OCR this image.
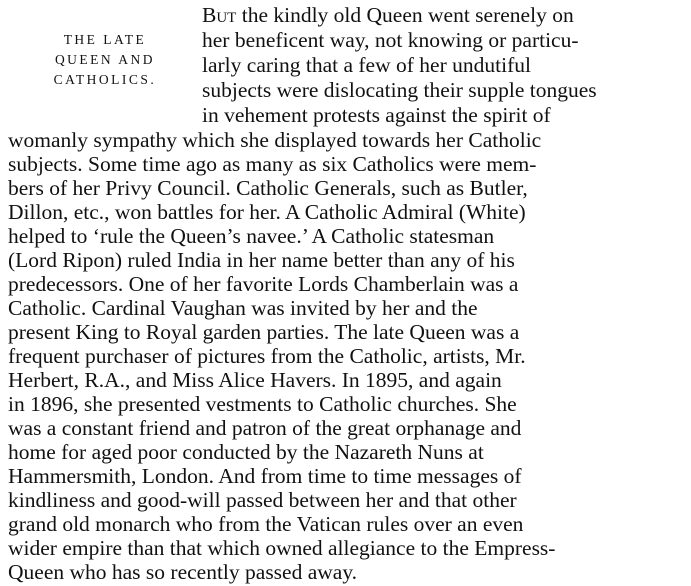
THE LATE
QUEEN AND
CATHOLICS.
But the kindly old Queen went serenely on
her beneficent way, not knowing or particu-
larly caring that a few of her undutiful
subjects were dislocating their supple tongues
in vehement protests against the spirit of
womanly sympathy which she displayed towards her Catholic
subjects. Some time ago as many as six Catholics were mem-
bers of her Privy Council. Catholic Generals, such as Butler,
Dillon, etc., won battles for her. A Catholic Admiral (White)
helped to ‘rule the Queen’s navee.’ A Catholic statesman
(Lord Ripon) ruled India in her name better than any of his
predecessors. One of her favorite Lords Chamberlain was a
Catholic. Cardinal Vaughan was invited by her and the
present King to Royal garden parties. The late Queen was a
frequent purchaser of pictures from the Catholic, artists, Mr.
Herbert, R.A., and Miss Alice Havers. In 1895, and again
in 1896, she presented vestments to Catholic churches. She
was a constant friend and patron of the great orphanage and
home for aged poor conducted by the Nazareth Nuns at
Hammersmith, London. And from time to time messages of
kindliness and good-will passed between her and that other
grand old monarch who from the Vatican rules over an even
wider empire than that which owned allegiance to the Empress-
Queen who has so recently passed away.
